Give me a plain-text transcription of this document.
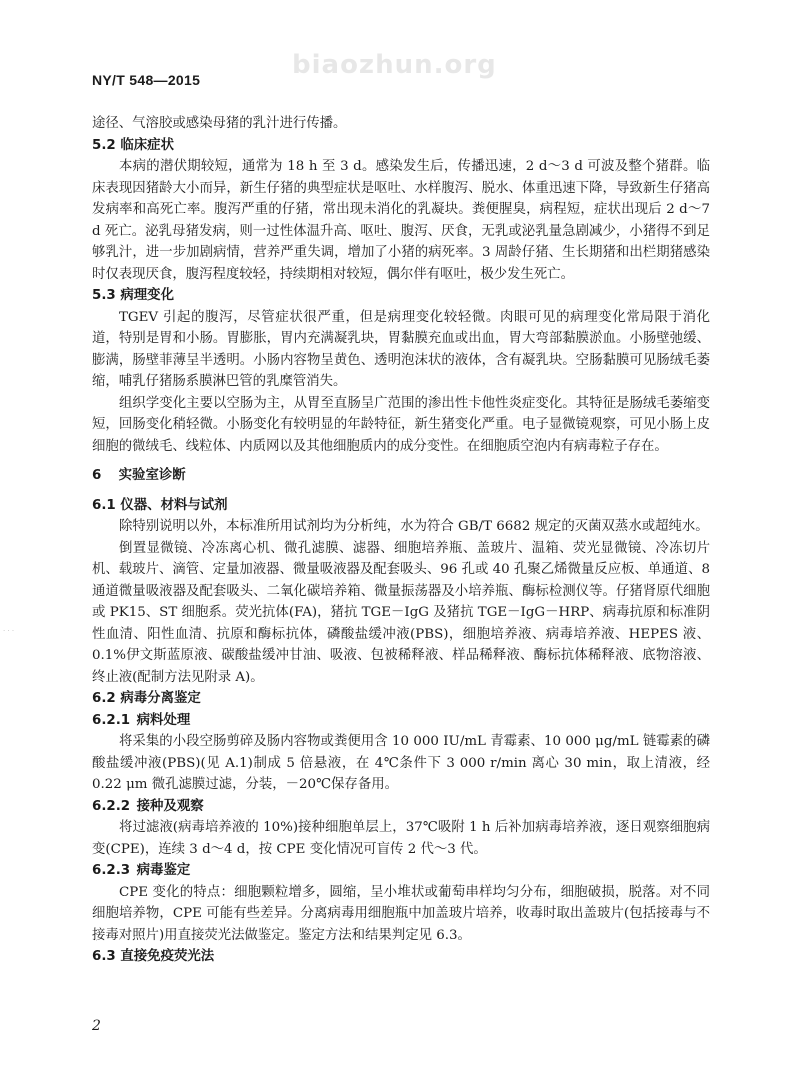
biaozhun.org
· · ·
NY/T 548—2015

途径、气溶胶或感染母猪的乳汁进行传播。

5.2 临床症状

本病的潜伏期较短，通常为 18 h 至 3 d。感染发生后，传播迅速，2 d～3 d 可波及整个猪群。临床表现因猪龄大小而异，新生仔猪的典型症状是呕吐、水样腹泻、脱水、体重迅速下降，导致新生仔猪高发病率和高死亡率。腹泻严重的仔猪，常出现未消化的乳凝块。粪便腥臭，病程短，症状出现后 2 d～7 d 死亡。泌乳母猪发病，则一过性体温升高、呕吐、腹泻、厌食，无乳或泌乳量急剧减少，小猪得不到足够乳汁，进一步加剧病情，营养严重失调，增加了小猪的病死率。3 周龄仔猪、生长期猪和出栏期猪感染时仅表现厌食，腹泻程度较轻，持续期相对较短，偶尔伴有呕吐，极少发生死亡。

5.3 病理变化

TGEV 引起的腹泻，尽管症状很严重，但是病理变化较轻微。肉眼可见的病理变化常局限于消化道，特别是胃和小肠。胃膨胀，胃内充满凝乳块，胃黏膜充血或出血，胃大弯部黏膜淤血。小肠壁弛缓、膨满，肠壁菲薄呈半透明。小肠内容物呈黄色、透明泡沫状的液体，含有凝乳块。空肠黏膜可见肠绒毛萎缩，哺乳仔猪肠系膜淋巴管的乳糜管消失。

组织学变化主要以空肠为主，从胃至直肠呈广范围的渗出性卡他性炎症变化。其特征是肠绒毛萎缩变短，回肠变化稍轻微。小肠变化有较明显的年龄特征，新生猪变化严重。电子显微镜观察，可见小肠上皮细胞的微绒毛、线粒体、内质网以及其他细胞质内的成分变性。在细胞质空泡内有病毒粒子存在。

6 实验室诊断

6.1 仪器、材料与试剂

除特别说明以外，本标准所用试剂均为分析纯，水为符合 GB/T 6682 规定的灭菌双蒸水或超纯水。

倒置显微镜、冷冻离心机、微孔滤膜、滤器、细胞培养瓶、盖玻片、温箱、荧光显微镜、冷冻切片机、载玻片、滴管、定量加液器、微量吸液器及配套吸头、96 孔或 40 孔聚乙烯微量反应板、单通道、8 通道微量吸液器及配套吸头、二氧化碳培养箱、微量振荡器及小培养瓶、酶标检测仪等。仔猪肾原代细胞或 PK15、ST 细胞系。荧光抗体(FA)，猪抗 TGE－IgG 及猪抗 TGE－IgG－HRP、病毒抗原和标准阴性血清、阳性血清、抗原和酶标抗体，磷酸盐缓冲液(PBS)，细胞培养液、病毒培养液、HEPES 液、0.1%伊文斯蓝原液、碳酸盐缓冲甘油、吸液、包被稀释液、样品稀释液、酶标抗体稀释液、底物溶液、终止液(配制方法见附录 A)。

6.2 病毒分离鉴定

6.2.1 病料处理

将采集的小段空肠剪碎及肠内容物或粪便用含 10 000 IU/mL 青霉素、10 000 μg/mL 链霉素的磷酸盐缓冲液(PBS)(见 A.1)制成 5 倍悬液，在 4℃条件下 3 000 r/min 离心 30 min，取上清液，经 0.22 μm 微孔滤膜过滤，分装，－20℃保存备用。

6.2.2 接种及观察

将过滤液(病毒培养液的 10%)接种细胞单层上，37℃吸附 1 h 后补加病毒培养液，逐日观察细胞病变(CPE)，连续 3 d～4 d，按 CPE 变化情况可盲传 2 代～3 代。

6.2.3 病毒鉴定

CPE 变化的特点：细胞颗粒增多，圆缩，呈小堆状或葡萄串样均匀分布，细胞破损，脱落。对不同细胞培养物，CPE 可能有些差异。分离病毒用细胞瓶中加盖玻片培养，收毒时取出盖玻片(包括接毒与不接毒对照片)用直接荧光法做鉴定。鉴定方法和结果判定见 6.3。

6.3 直接免疫荧光法

2
